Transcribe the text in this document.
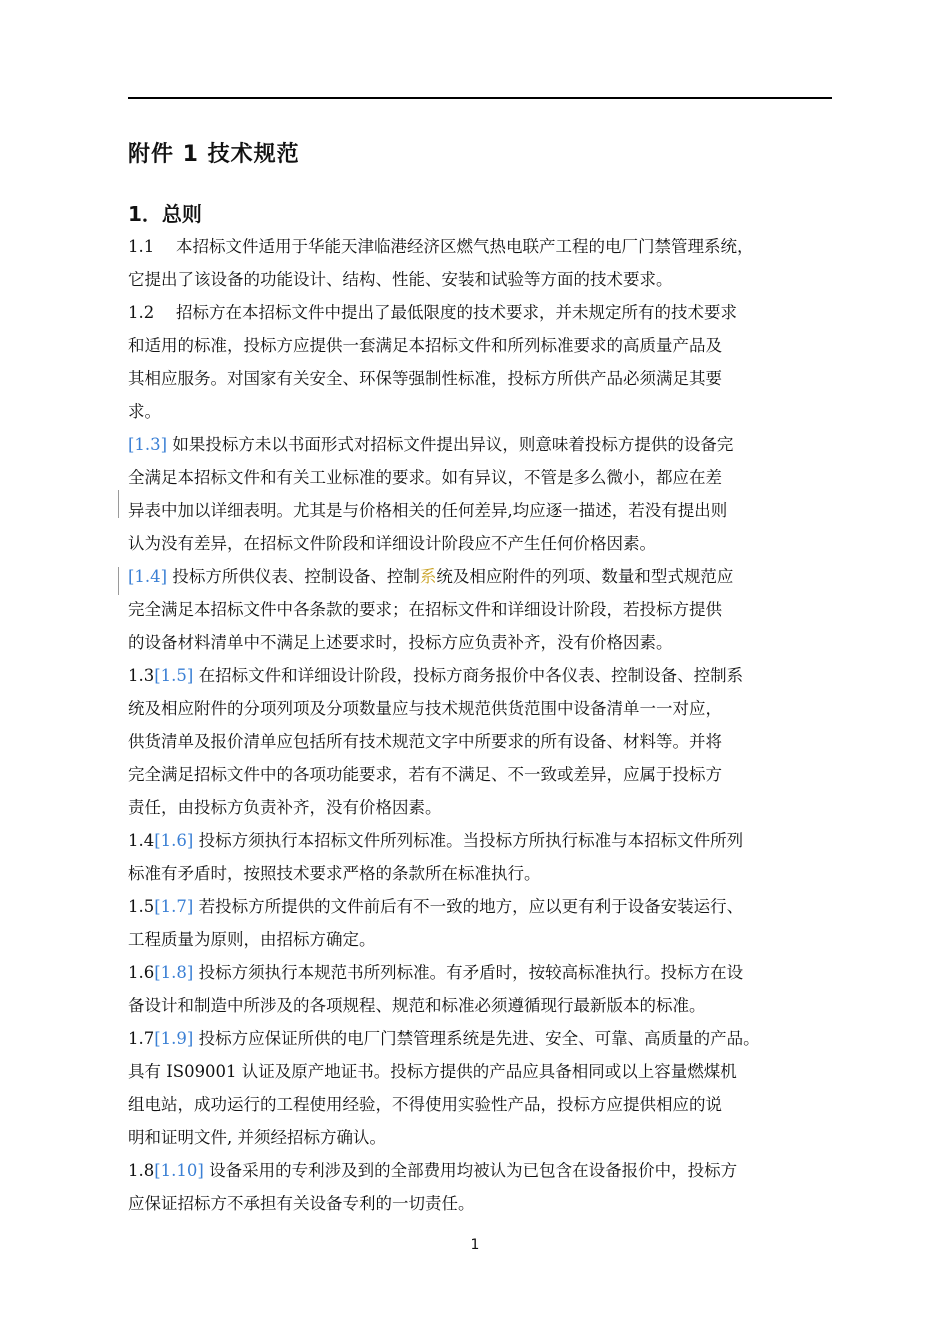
附件 1 技术规范
1．总则
1.1  本招标文件适用于华能天津临港经济区燃气热电联产工程的电厂门禁管理系统，
它提出了该设备的功能设计、结构、性能、安装和试验等方面的技术要求。
1.2  招标方在本招标文件中提出了最低限度的技术要求，并未规定所有的技术要求
和适用的标准，投标方应提供一套满足本招标文件和所列标准要求的高质量产品及
其相应服务。对国家有关安全、环保等强制性标准，投标方所供产品必须满足其要
求。
[1.3] 如果投标方未以书面形式对招标文件提出异议，则意味着投标方提供的设备完
全满足本招标文件和有关工业标准的要求。如有异议，不管是多么微小，都应在差
异表中加以详细表明。尤其是与价格相关的任何差异,均应逐一描述，若没有提出则
认为没有差异，在招标文件阶段和详细设计阶段应不产生任何价格因素。
[1.4] 投标方所供仪表、控制设备、控制系统及相应附件的列项、数量和型式规范应
完全满足本招标文件中各条款的要求；在招标文件和详细设计阶段，若投标方提供
的设备材料清单中不满足上述要求时，投标方应负责补齐，没有价格因素。
1.3[1.5] 在招标文件和详细设计阶段，投标方商务报价中各仪表、控制设备、控制系
统及相应附件的分项列项及分项数量应与技术规范供货范围中设备清单一一对应，
供货清单及报价清单应包括所有技术规范文字中所要求的所有设备、材料等。并将
完全满足招标文件中的各项功能要求，若有不满足、不一致或差异，应属于投标方
责任，由投标方负责补齐，没有价格因素。
1.4[1.6] 投标方须执行本招标文件所列标准。当投标方所执行标准与本招标文件所列
标准有矛盾时，按照技术要求严格的条款所在标准执行。
1.5[1.7] 若投标方所提供的文件前后有不一致的地方，应以更有利于设备安装运行、
工程质量为原则，由招标方确定。
1.6[1.8] 投标方须执行本规范书所列标准。有矛盾时，按较高标准执行。投标方在设
备设计和制造中所涉及的各项规程、规范和标准必须遵循现行最新版本的标准。
1.7[1.9] 投标方应保证所供的电厂门禁管理系统是先进、安全、可靠、高质量的产品。
具有 IS09001 认证及原产地证书。投标方提供的产品应具备相同或以上容量燃煤机
组电站，成功运行的工程使用经验，不得使用实验性产品，投标方应提供相应的说
明和证明文件, 并须经招标方确认。
1.8[1.10] 设备采用的专利涉及到的全部费用均被认为已包含在设备报价中，投标方
应保证招标方不承担有关设备专利的一切责任。
1
